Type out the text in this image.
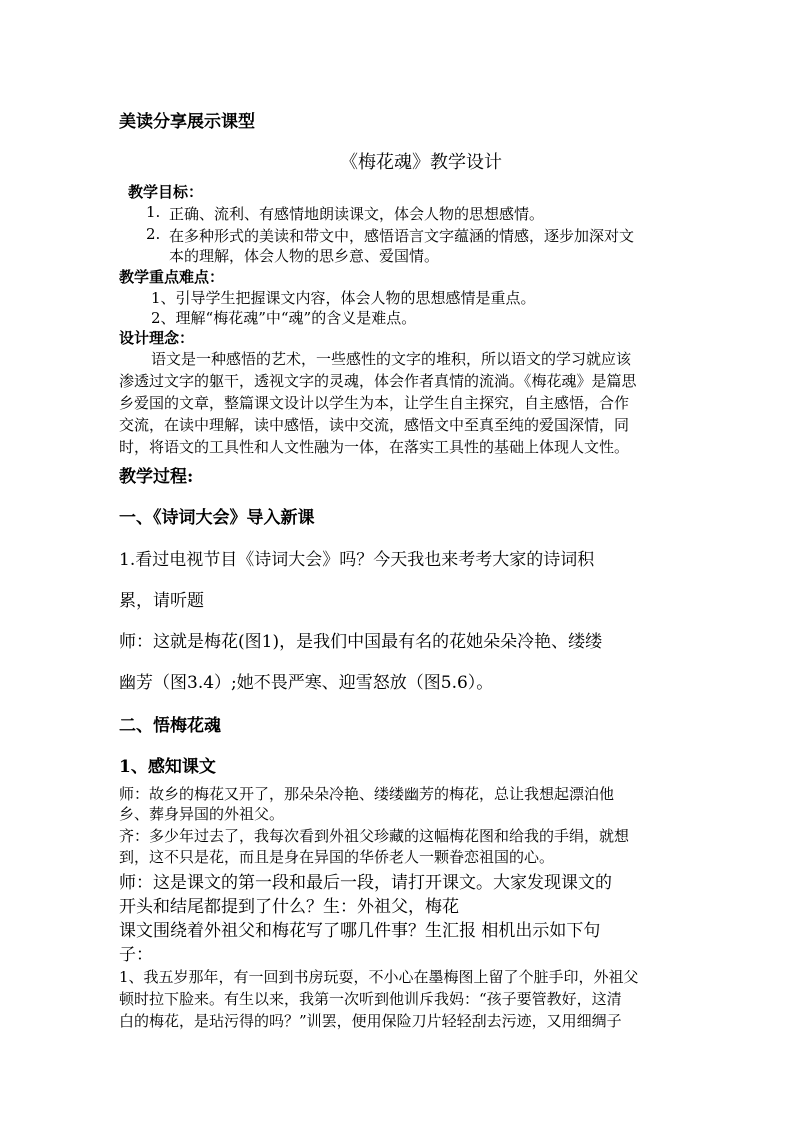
美读分享展示课型
《梅花魂》教学设计
教学目标：
1. 正确、流利、有感情地朗读课文，体会人物的思想感情。
2. 在多种形式的美读和带文中，感悟语言文字蕴涵的情感，逐步加深对文
本的理解，体会人物的思乡意、爱国情。
教学重点难点：
1、引导学生把握课文内容，体会人物的思想感情是重点。
2、理解“梅花魂”中“魂”的含义是难点。
设计理念：
语文是一种感悟的艺术，一些感性的文字的堆积，所以语文的学习就应该
渗透过文字的躯干，透视文字的灵魂，体会作者真情的流淌。《梅花魂》是篇思
乡爱国的文章，整篇课文设计以学生为本，让学生自主探究，自主感悟，合作
交流，在读中理解，读中感悟，读中交流，感悟文中至真至纯的爱国深情，同
时，将语文的工具性和人文性融为一体，在落实工具性的基础上体现人文性。
教学过程:
一、《诗词大会》导入新课
1.看过电视节目《诗词大会》吗？今天我也来考考大家的诗词积
累，请听题
师：这就是梅花(图1)，是我们中国最有名的花她朵朵冷艳、缕缕
幽芳（图3.4）;她不畏严寒、迎雪怒放（图5.6）。
二、悟梅花魂
1、感知课文
师：故乡的梅花又开了，那朵朵冷艳、缕缕幽芳的梅花，总让我想起漂泊他
乡、葬身异国的外祖父。
齐：多少年过去了，我每次看到外祖父珍藏的这幅梅花图和给我的手绢，就想
到，这不只是花，而且是身在异国的华侨老人一颗眷恋祖国的心。
师：这是课文的第一段和最后一段，请打开课文。大家发现课文的
开头和结尾都提到了什么？生：外祖父，梅花
课文围绕着外祖父和梅花写了哪几件事？生汇报 相机出示如下句
子：
1、我五岁那年，有一回到书房玩耍，不小心在墨梅图上留了个脏手印，外祖父
顿时拉下脸来。有生以来，我第一次听到他训斥我妈：“孩子要管教好，这清
白的梅花，是玷污得的吗？”训罢，便用保险刀片轻轻刮去污迹，又用细绸子
